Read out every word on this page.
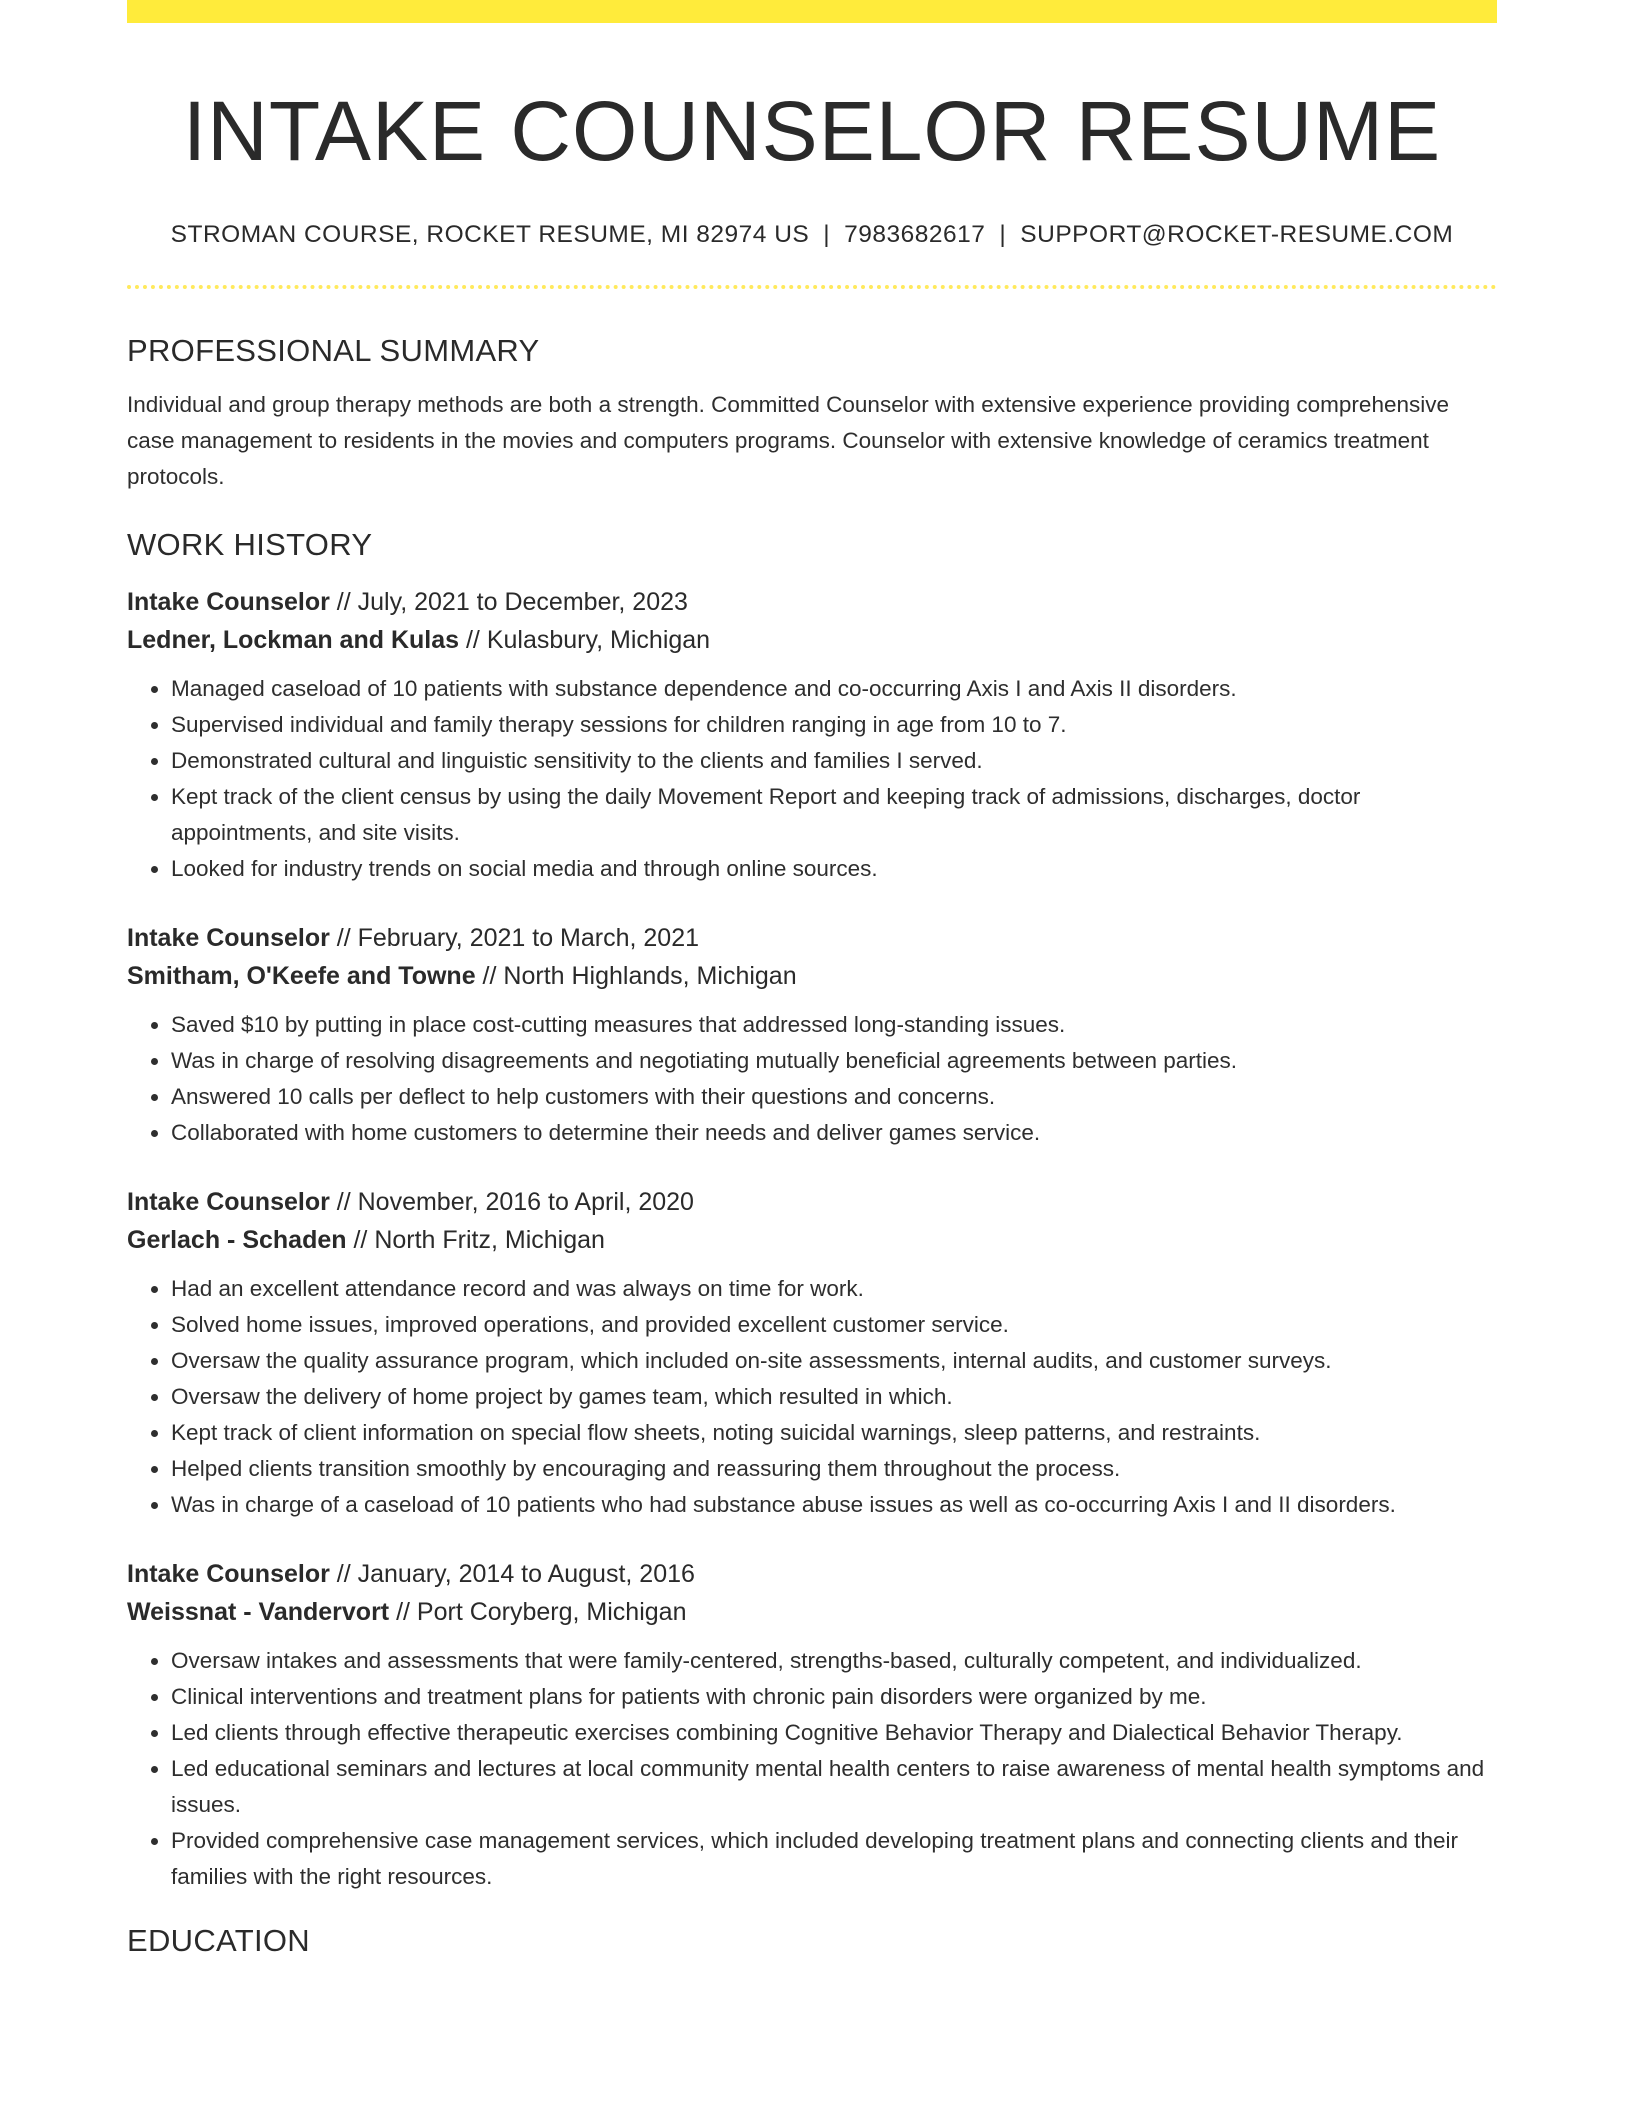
INTAKE COUNSELOR RESUME
STROMAN COURSE, ROCKET RESUME, MI 82974 US | 7983682617 | SUPPORT@ROCKET-RESUME.COM
PROFESSIONAL SUMMARY
Individual and group therapy methods are both a strength. Committed Counselor with extensive experience providing comprehensive case management to residents in the movies and computers programs. Counselor with extensive knowledge of ceramics treatment protocols.
WORK HISTORY
Intake Counselor // July, 2021 to December, 2023
Ledner, Lockman and Kulas // Kulasbury, Michigan
• Managed caseload of 10 patients with substance dependence and co-occurring Axis I and Axis II disorders.
• Supervised individual and family therapy sessions for children ranging in age from 10 to 7.
• Demonstrated cultural and linguistic sensitivity to the clients and families I served.
• Kept track of the client census by using the daily Movement Report and keeping track of admissions, discharges, doctor appointments, and site visits.
• Looked for industry trends on social media and through online sources.
Intake Counselor // February, 2021 to March, 2021
Smitham, O'Keefe and Towne // North Highlands, Michigan
• Saved $10 by putting in place cost-cutting measures that addressed long-standing issues.
• Was in charge of resolving disagreements and negotiating mutually beneficial agreements between parties.
• Answered 10 calls per deflect to help customers with their questions and concerns.
• Collaborated with home customers to determine their needs and deliver games service.
Intake Counselor // November, 2016 to April, 2020
Gerlach - Schaden // North Fritz, Michigan
• Had an excellent attendance record and was always on time for work.
• Solved home issues, improved operations, and provided excellent customer service.
• Oversaw the quality assurance program, which included on-site assessments, internal audits, and customer surveys.
• Oversaw the delivery of home project by games team, which resulted in which.
• Kept track of client information on special flow sheets, noting suicidal warnings, sleep patterns, and restraints.
• Helped clients transition smoothly by encouraging and reassuring them throughout the process.
• Was in charge of a caseload of 10 patients who had substance abuse issues as well as co-occurring Axis I and II disorders.
Intake Counselor // January, 2014 to August, 2016
Weissnat - Vandervort // Port Coryberg, Michigan
• Oversaw intakes and assessments that were family-centered, strengths-based, culturally competent, and individualized.
• Clinical interventions and treatment plans for patients with chronic pain disorders were organized by me.
• Led clients through effective therapeutic exercises combining Cognitive Behavior Therapy and Dialectical Behavior Therapy.
• Led educational seminars and lectures at local community mental health centers to raise awareness of mental health symptoms and issues.
• Provided comprehensive case management services, which included developing treatment plans and connecting clients and their families with the right resources.
EDUCATION
